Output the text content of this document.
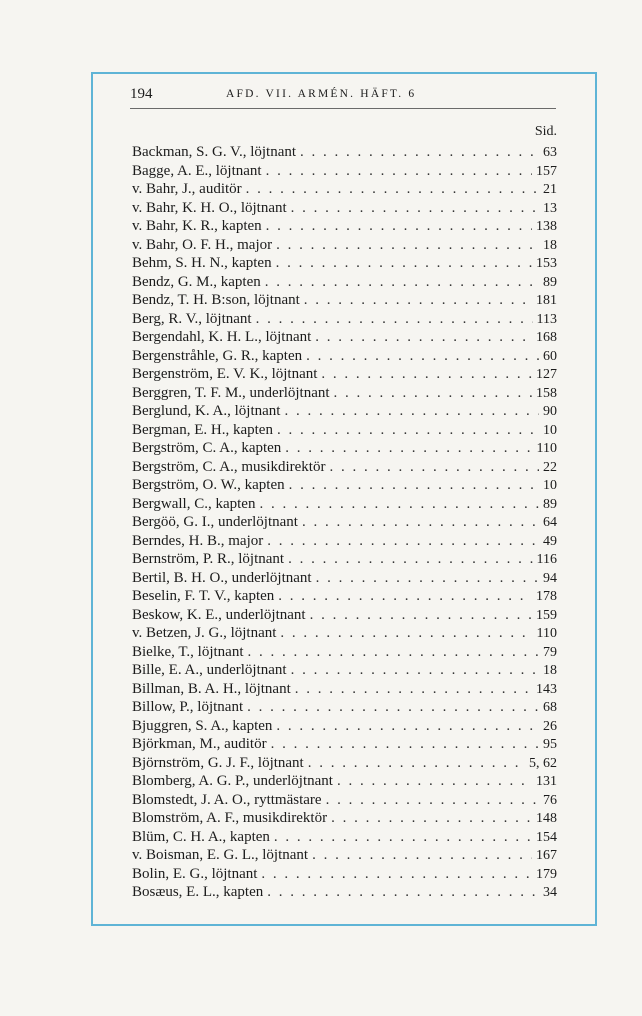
194	AFD. VII. ARMÉN. HÄFT. 6
Sid.
Backman, S. G. V., löjtnant . . .	63
Bagge, A. E., löjtnant . . .	157
v. Bahr, J., auditör . . .	21
v. Bahr, K. H. O., löjtnant . . .	13
v. Bahr, K. R., kapten . . .	138
v. Bahr, O. F. H., major . . .	18
Behm, S. H. N., kapten . . .	153
Bendz, G. M., kapten . . .	89
Bendz, T. H. B:son, löjtnant . . .	181
Berg, R. V., löjtnant . . .	113
Bergendahl, K. H. L., löjtnant . . .	168
Bergenstråhle, G. R., kapten . . .	60
Bergenström, E. V. K., löjtnant . . .	127
Berggren, T. F. M., underlöjtnant . . .	158
Berglund, K. A., löjtnant . . .	90
Bergman, E. H., kapten . . .	10
Bergström, C. A., kapten . . .	110
Bergström, C. A., musikdirektör . . .	22
Bergström, O. W., kapten . . .	10
Bergwall, C., kapten . . .	89
Bergöö, G. I., underlöjtnant . . .	64
Berndes, H. B., major . . .	49
Bernström, P. R., löjtnant . . .	116
Bertil, B. H. O., underlöjtnant . . .	94
Beselin, F. T. V., kapten . . .	178
Beskow, K. E., underlöjtnant . . .	159
v. Betzen, J. G., löjtnant . . .	110
Bielke, T., löjtnant . . .	79
Bille, E. A., underlöjtnant . . .	18
Billman, B. A. H., löjtnant . . .	143
Billow, P., löjtnant . . .	68
Bjuggren, S. A., kapten . . .	26
Björkman, M., auditör . . .	95
Björnström, G. J. F., löjtnant . . .	5, 62
Blomberg, A. G. P., underlöjtnant . . .	131
Blomstedt, J. A. O., ryttmästare . . .	76
Blomström, A. F., musikdirektör . . .	148
Blüm, C. H. A., kapten . . .	154
v. Boisman, E. G. L., löjtnant . . .	167
Bolin, E. G., löjtnant . . .	179
Bosæus, E. L., kapten . . .	34
